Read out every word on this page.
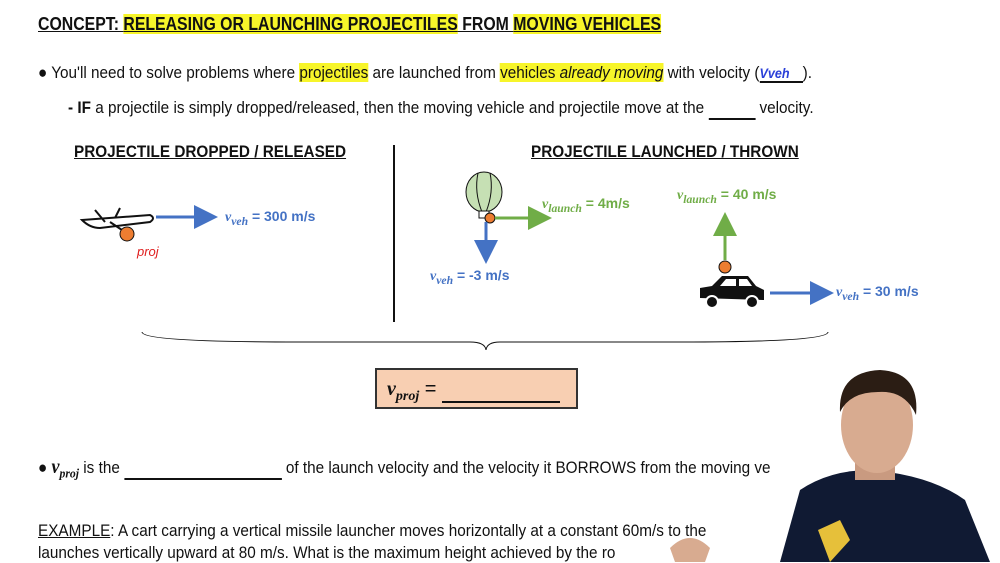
CONCEPT: RELEASING OR LAUNCHING PROJECTILES FROM MOVING VEHICLES
● You'll need to solve problems where projectiles are launched from vehicles already moving with velocity (Vveh ).
- IF a projectile is simply dropped/released, then the moving vehicle and projectile move at the	velocity.
PROJECTILE DROPPED / RELEASED	PROJECTILE LAUNCHED / THROWN
proj
$v_{veh} = 300$ m/s
$v_{launch} = 4m/s$
$v_{veh} = -3$ m/s
$v_{launch} = 40$ m/s
$v_{veh} = 30$ m/s
$v_{proj}$ =
● $v_{proj}$ is the	of the launch velocity and the velocity it BORROWS from the moving ve
EXAMPLE: A cart carrying a vertical missile launcher moves horizontally at a constant 60m/s to the
launches vertically upward at 80 m/s. What is the maximum height achieved by the ro
